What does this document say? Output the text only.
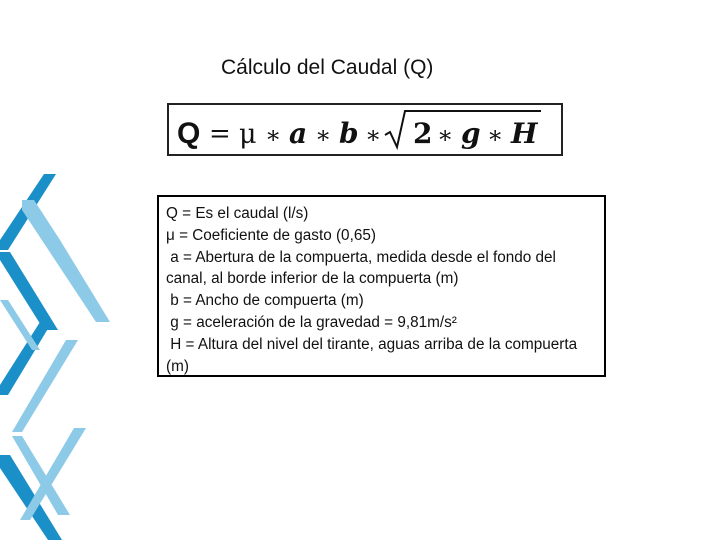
Cálculo del Caudal (Q)
Q = μ ∗ a ∗ b ∗ 2 ∗ g ∗ H
Q = Es el caudal (l/s)
μ = Coeficiente de gasto (0,65)
a = Abertura de la compuerta, medida desde el fondo del canal, al borde inferior de la compuerta (m)
b = Ancho de compuerta (m)
g = aceleración de la gravedad = 9,81m/s²
H = Altura del nivel del tirante, aguas arriba de la compuerta (m)
